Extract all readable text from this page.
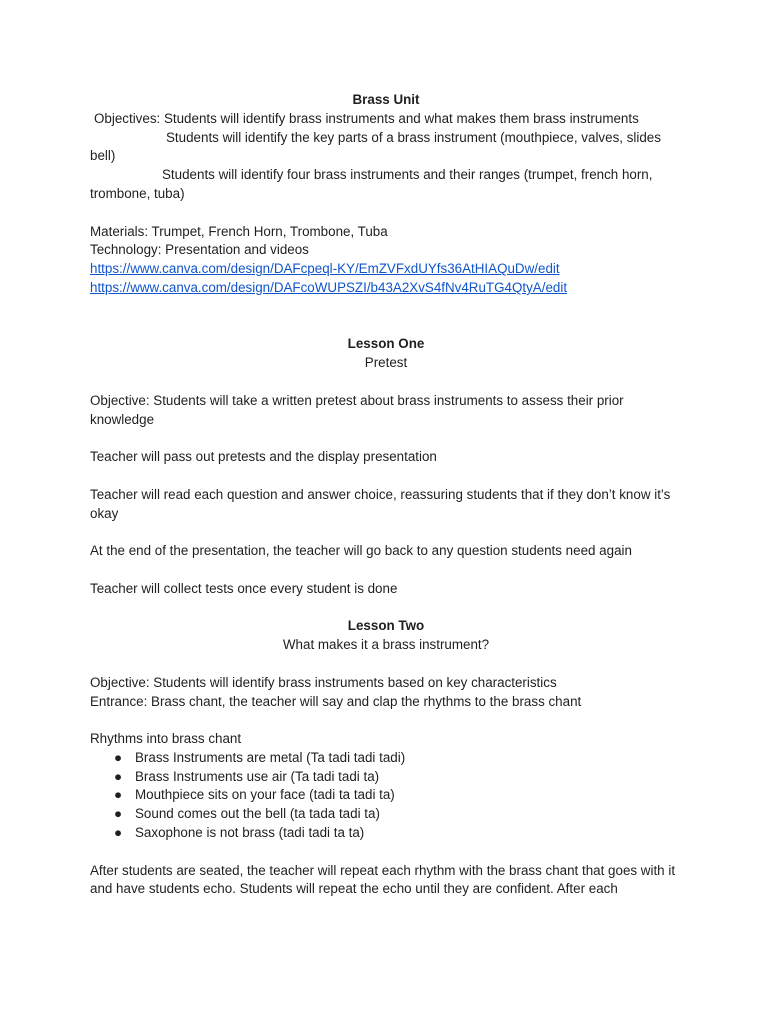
Brass Unit
Objectives: Students will identify brass instruments and what makes them brass instruments
Students will identify the key parts of a brass instrument (mouthpiece, valves, slides bell)
Students will identify four brass instruments and their ranges (trumpet, french horn, trombone, tuba)
Materials: Trumpet, French Horn, Trombone, Tuba
Technology: Presentation and videos
https://www.canva.com/design/DAFcpeql-KY/EmZVFxdUYfs36AtHIAQuDw/edit
https://www.canva.com/design/DAFcoWUPSZI/b43A2XvS4fNv4RuTG4QtyA/edit
Lesson One
Pretest

Objective: Students will take a written pretest about brass instruments to assess their prior knowledge

Teacher will pass out pretests and the display presentation

Teacher will read each question and answer choice, reassuring students that if they don’t know it’s okay

At the end of the presentation, the teacher will go back to any question students need again

Teacher will collect tests once every student is done

Lesson Two
What makes it a brass instrument?
Objective: Students will identify brass instruments based on key characteristics
Entrance: Brass chant, the teacher will say and clap the rhythms to the brass chant
Rhythms into brass chant
● Brass Instruments are metal (Ta tadi tadi tadi)
● Brass Instruments use air (Ta tadi tadi ta)
● Mouthpiece sits on your face (tadi ta tadi ta)
● Sound comes out the bell (ta tada tadi ta)
● Saxophone is not brass (tadi tadi ta ta)

After students are seated, the teacher will repeat each rhythm with the brass chant that goes with it and have students echo. Students will repeat the echo until they are confident. After each
